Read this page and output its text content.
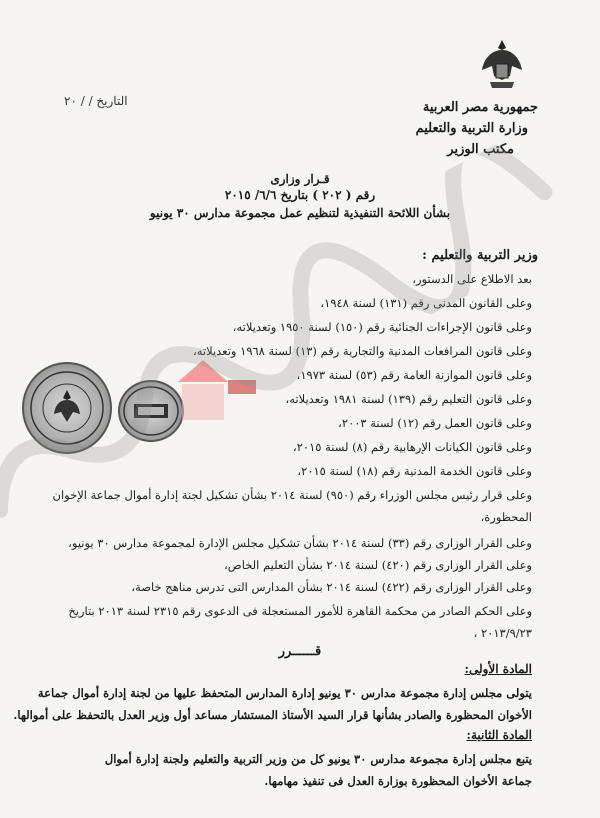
التاريخ / / ٢٠	جمهورية مصر العربية
وزارة التربية والتعليم
مكتب الوزير
قـرار وزارى
رقم ( ٢٠٢ ) بتاريخ ٦/٦/ ٢٠١٥
بشأن اللائحة التنفيذية لتنظيم عمل مجموعة مدارس ٣٠ يونيو
وزير التربية والتعليم :
بعد الاطلاع على الدستور،
وعلى القانون المدنى رقم (١٣١) لسنة ١٩٤٨،
وعلى قانون الإجراءات الجنائية رقم (١٥٠) لسنة ١٩٥٠ وتعديلاته،
وعلى قانون المرافعات المدنية والتجارية رقم (١٣) لسنة ١٩٦٨ وتعديلاته،
وعلى قانون الموازنة العامة رقم (٥٣) لسنة ١٩٧٣،
وعلى قانون التعليم رقم (١٣٩) لسنة ١٩٨١ وتعديلاته،
وعلى قانون العمل رقم (١٢) لسنة ٢٠٠٣،
وعلى قانون الكيانات الإرهابية رقم (٨) لسنة ٢٠١٥،
وعلى قانون الخدمة المدنية رقم (١٨) لسنة ٢٠١٥،
وعلى قرار رئيس مجلس الوزراء رقم (٩٥٠) لسنة ٢٠١٤ بشأن تشكيل لجنة إدارة أموال جماعة الإخوان
المحظورة،
وعلى القرار الوزارى رقم (٣٣) لسنة ٢٠١٤ بشأن تشكيل مجلس الإدارة لمجموعة مدارس ٣٠ يونيو،
وعلى القرار الوزارى رقم (٤٢٠) لسنة ٢٠١٤ بشأن التعليم الخاص،
وعلى القرار الوزارى رقم (٤٢٢) لسنة ٢٠١٤ بشأن المدارس التى تدرس مناهج خاصة،
وعلى الحكم الصادر من محكمة القاهرة للأمور المستعجلة فى الدعوى رقم ٢٣١٥ لسنة ٢٠١٣ بتاريخ
٢٠١٣/٩/٢٣ ،
قــــــرر
المادة الأولى:
يتولى مجلس إدارة مجموعة مدارس ٣٠ يونيو إدارة المدارس المتحفظ عليها من لجنة إدارة أموال جماعة
الأخوان المحظورة والصادر بشأنها قرار السيد الأستاذ المستشار مساعد أول وزير العدل بالتحفظ على أموالها.
المادة الثانية:
يتبع مجلس إدارة مجموعة مدارس ٣٠ يونيو كل من وزير التربية والتعليم ولجنة إدارة أموال
جماعة الأخوان المحظورة بوزارة العدل فى تنفيذ مهامها.
